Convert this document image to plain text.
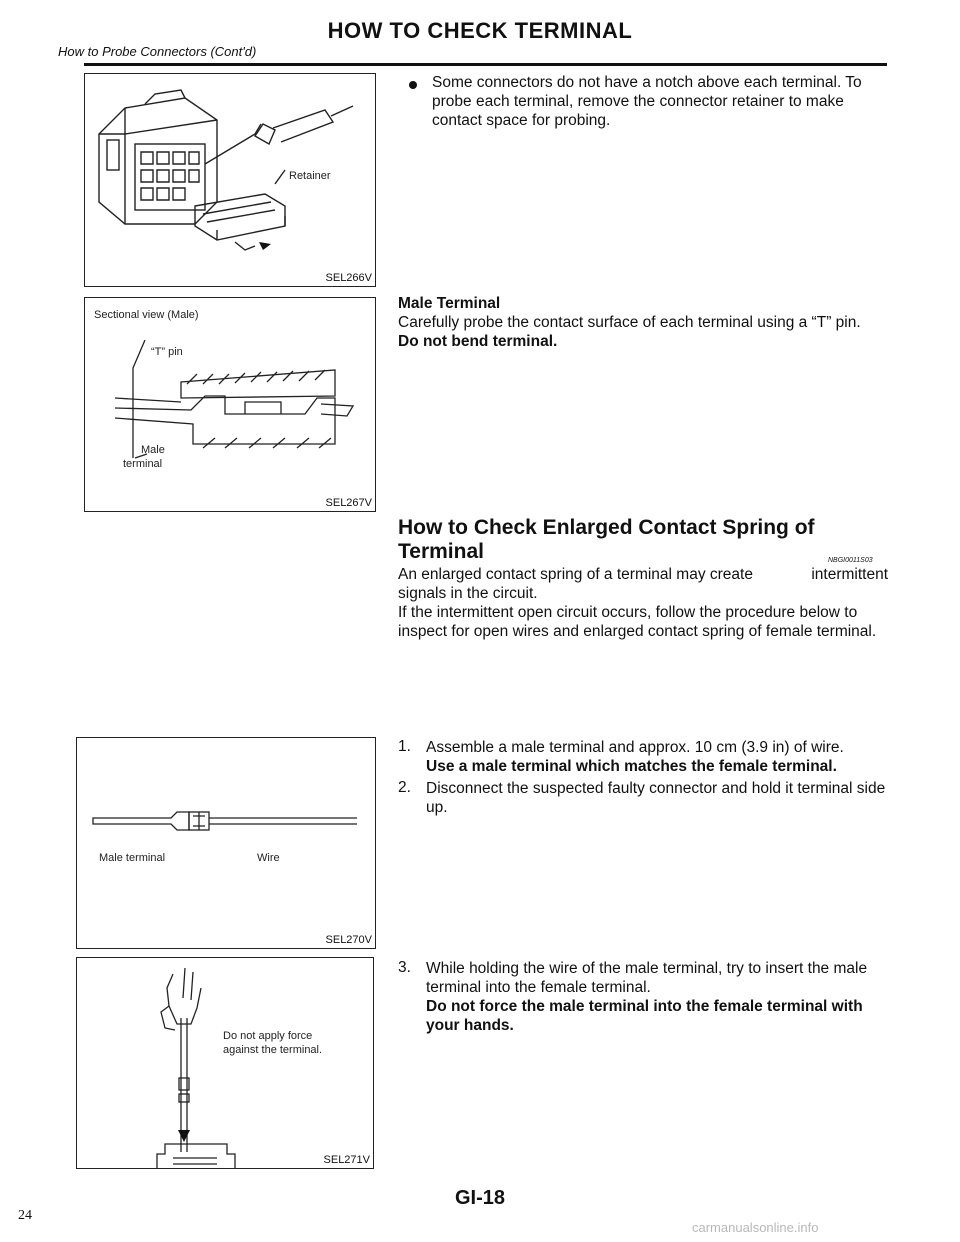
HOW TO CHECK TERMINAL
How to Probe Connectors (Cont'd)
Retainer
SEL266V
Sectional view (Male)
“T” pin
Male
terminal
SEL267V
Male terminal	Wire
SEL270V
Do not apply force
against the terminal.
SEL271V
Some connectors do not have a notch above each terminal. To probe each terminal, remove the connector retainer to make contact space for probing.
Male Terminal
Carefully probe the contact surface of each terminal using a “T” pin.
Do not bend terminal.
How to Check Enlarged Contact Spring of
Terminal	NBGI0011S03
An enlarged contact spring of a terminal may create	intermittent
signals in the circuit.
If the intermittent open circuit occurs, follow the procedure below to inspect for open wires and enlarged contact spring of female terminal.
1. Assemble a male terminal and approx. 10 cm (3.9 in) of wire.
Use a male terminal which matches the female terminal.
2. Disconnect the suspected faulty connector and hold it terminal side up.
3. While holding the wire of the male terminal, try to insert the male terminal into the female terminal.
Do not force the male terminal into the female terminal with your hands.
GI-18
24
carmanualsonline.info
